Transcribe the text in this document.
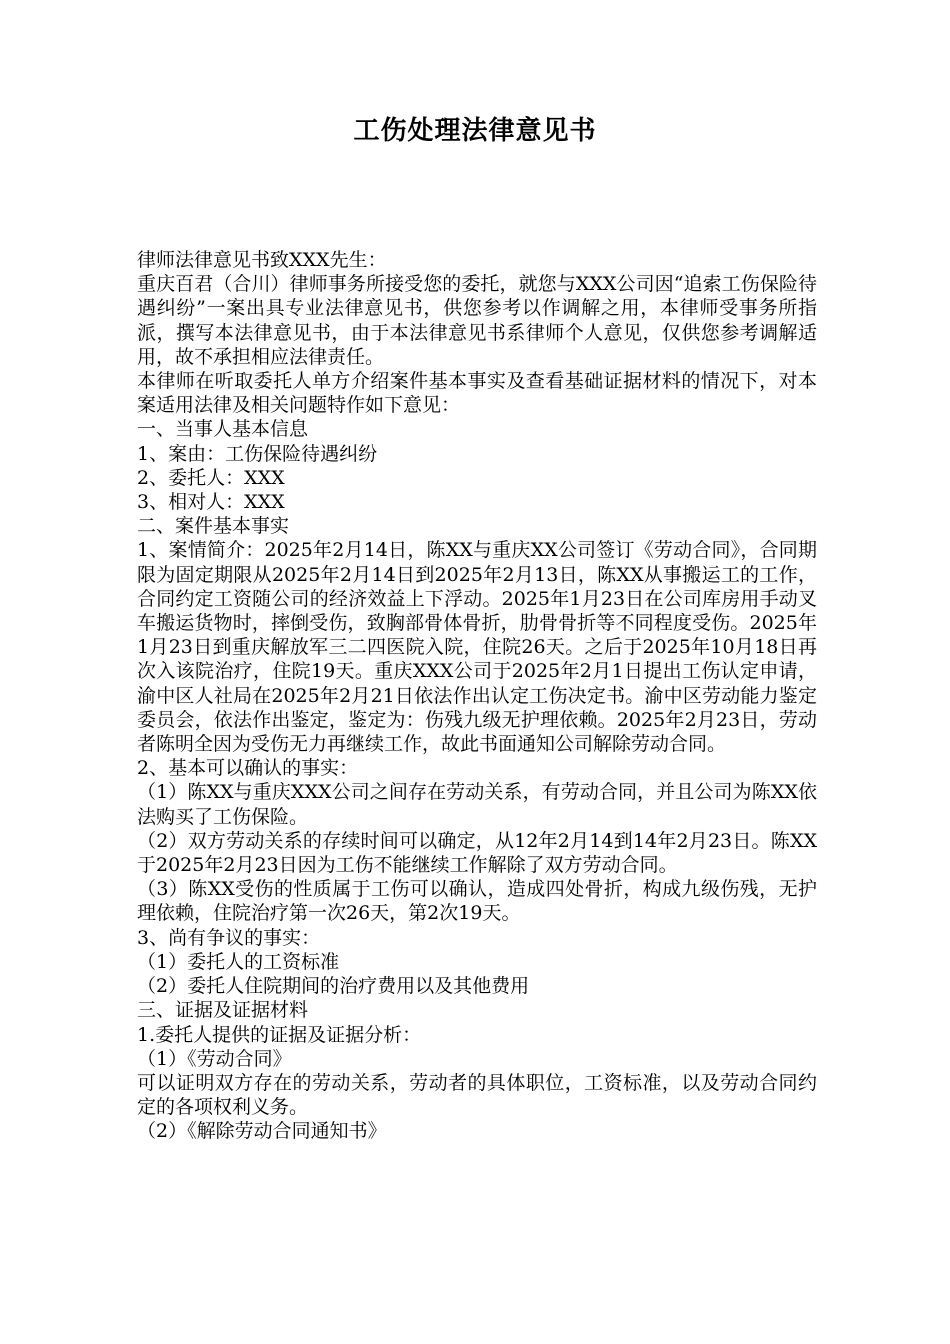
工伤处理法律意见书

律师法律意见书致XXX先生：

重庆百君（合川）律师事务所接受您的委托，就您与XXX公司因“追索工伤保险待遇纠纷”一案出具专业法律意见书，供您参考以作调解之用，本律师受事务所指派，撰写本法律意见书，由于本法律意见书系律师个人意见，仅供您参考调解适用，故不承担相应法律责任。

本律师在听取委托人单方介绍案件基本事实及查看基础证据材料的情况下，对本案适用法律及相关问题特作如下意见：

一、当事人基本信息

1、案由：工伤保险待遇纠纷

2、委托人：XXX

3、相对人：XXX

二、案件基本事实

1、案情简介：2025年2月14日，陈XX与重庆XX公司签订《劳动合同》，合同期限为固定期限从2025年2月14日到2025年2月13日，陈XX从事搬运工的工作，合同约定工资随公司的经济效益上下浮动。2025年1月23日在公司库房用手动叉车搬运货物时，摔倒受伤，致胸部骨体骨折，肋骨骨折等不同程度受伤。2025年1月23日到重庆解放军三二四医院入院，住院26天。之后于2025年10月18日再次入该院治疗，住院19天。重庆XXX公司于2025年2月1日提出工伤认定申请，渝中区人社局在2025年2月21日依法作出认定工伤决定书。渝中区劳动能力鉴定委员会，依法作出鉴定，鉴定为：伤残九级无护理依赖。2025年2月23日，劳动者陈明全因为受伤无力再继续工作，故此书面通知公司解除劳动合同。

2、基本可以确认的事实：

（1）陈XX与重庆XXX公司之间存在劳动关系，有劳动合同，并且公司为陈XX依法购买了工伤保险。

（2）双方劳动关系的存续时间可以确定，从12年2月14到14年2月23日。陈XX于2025年2月23日因为工伤不能继续工作解除了双方劳动合同。

（3）陈XX受伤的性质属于工伤可以确认，造成四处骨折，构成九级伤残，无护理依赖，住院治疗第一次26天，第2次19天。

3、尚有争议的事实：

（1）委托人的工资标准

（2）委托人住院期间的治疗费用以及其他费用

三、证据及证据材料

1.委托人提供的证据及证据分析：

（1）《劳动合同》

可以证明双方存在的劳动关系，劳动者的具体职位，工资标准，以及劳动合同约定的各项权利义务。

（2）《解除劳动合同通知书》
